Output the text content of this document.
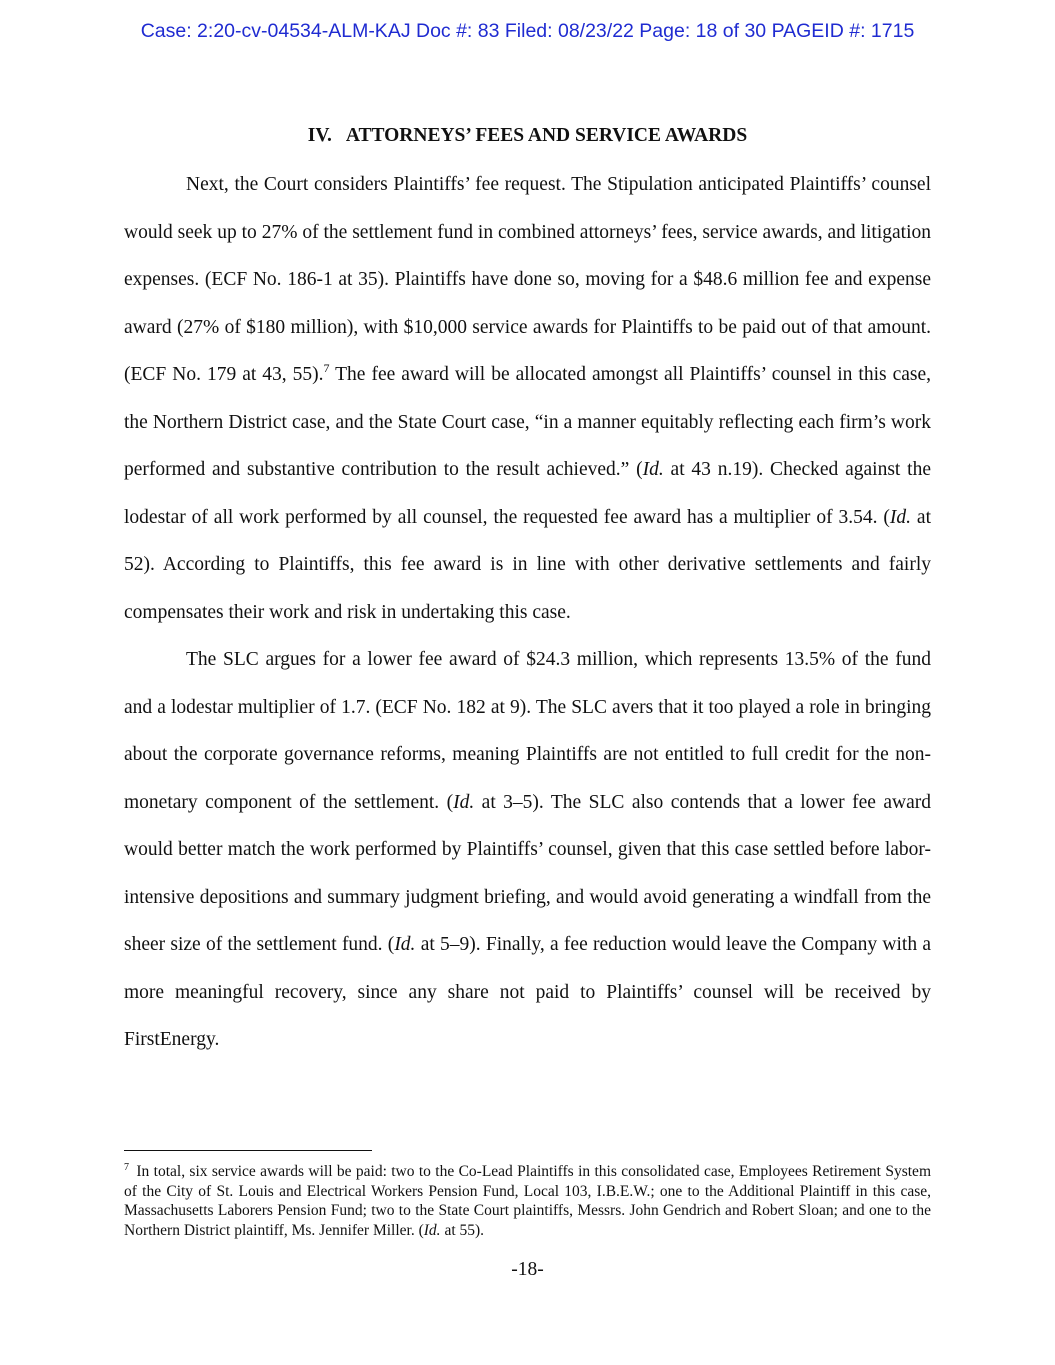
Case: 2:20-cv-04534-ALM-KAJ Doc #: 83 Filed: 08/23/22 Page: 18 of 30 PAGEID #: 1715
IV. ATTORNEYS’ FEES AND SERVICE AWARDS

Next, the Court considers Plaintiffs’ fee request. The Stipulation anticipated Plaintiffs’ counsel would seek up to 27% of the settlement fund in combined attorneys’ fees, service awards, and litigation expenses. (ECF No. 186-1 at 35). Plaintiffs have done so, moving for a $48.6 million fee and expense award (27% of $180 million), with $10,000 service awards for Plaintiffs to be paid out of that amount. (ECF No. 179 at 43, 55).$^7$ The fee award will be allocated amongst all Plaintiffs’ counsel in this case, the Northern District case, and the State Court case, “in a manner equitably reflecting each firm’s work performed and substantive contribution to the result achieved.” (Id. at 43 n.19). Checked against the lodestar of all work performed by all counsel, the requested fee award has a multiplier of 3.54. (Id. at 52). According to Plaintiffs, this fee award is in line with other derivative settlements and fairly compensates their work and risk in undertaking this case.

The SLC argues for a lower fee award of $24.3 million, which represents 13.5% of the fund and a lodestar multiplier of 1.7. (ECF No. 182 at 9). The SLC avers that it too played a role in bringing about the corporate governance reforms, meaning Plaintiffs are not entitled to full credit for the non-monetary component of the settlement. (Id. at 3–5). The SLC also contends that a lower fee award would better match the work performed by Plaintiffs’ counsel, given that this case settled before labor-intensive depositions and summary judgment briefing, and would avoid generating a windfall from the sheer size of the settlement fund. (Id. at 5–9). Finally, a fee reduction would leave the Company with a more meaningful recovery, since any share not paid to Plaintiffs’ counsel will be received by FirstEnergy.

$^7$ In total, six service awards will be paid: two to the Co-Lead Plaintiffs in this consolidated case, Employees Retirement System of the City of St. Louis and Electrical Workers Pension Fund, Local 103, I.B.E.W.; one to the Additional Plaintiff in this case, Massachusetts Laborers Pension Fund; two to the State Court plaintiffs, Messrs. John Gendrich and Robert Sloan; and one to the Northern District plaintiff, Ms. Jennifer Miller. (Id. at 55).

-18-
